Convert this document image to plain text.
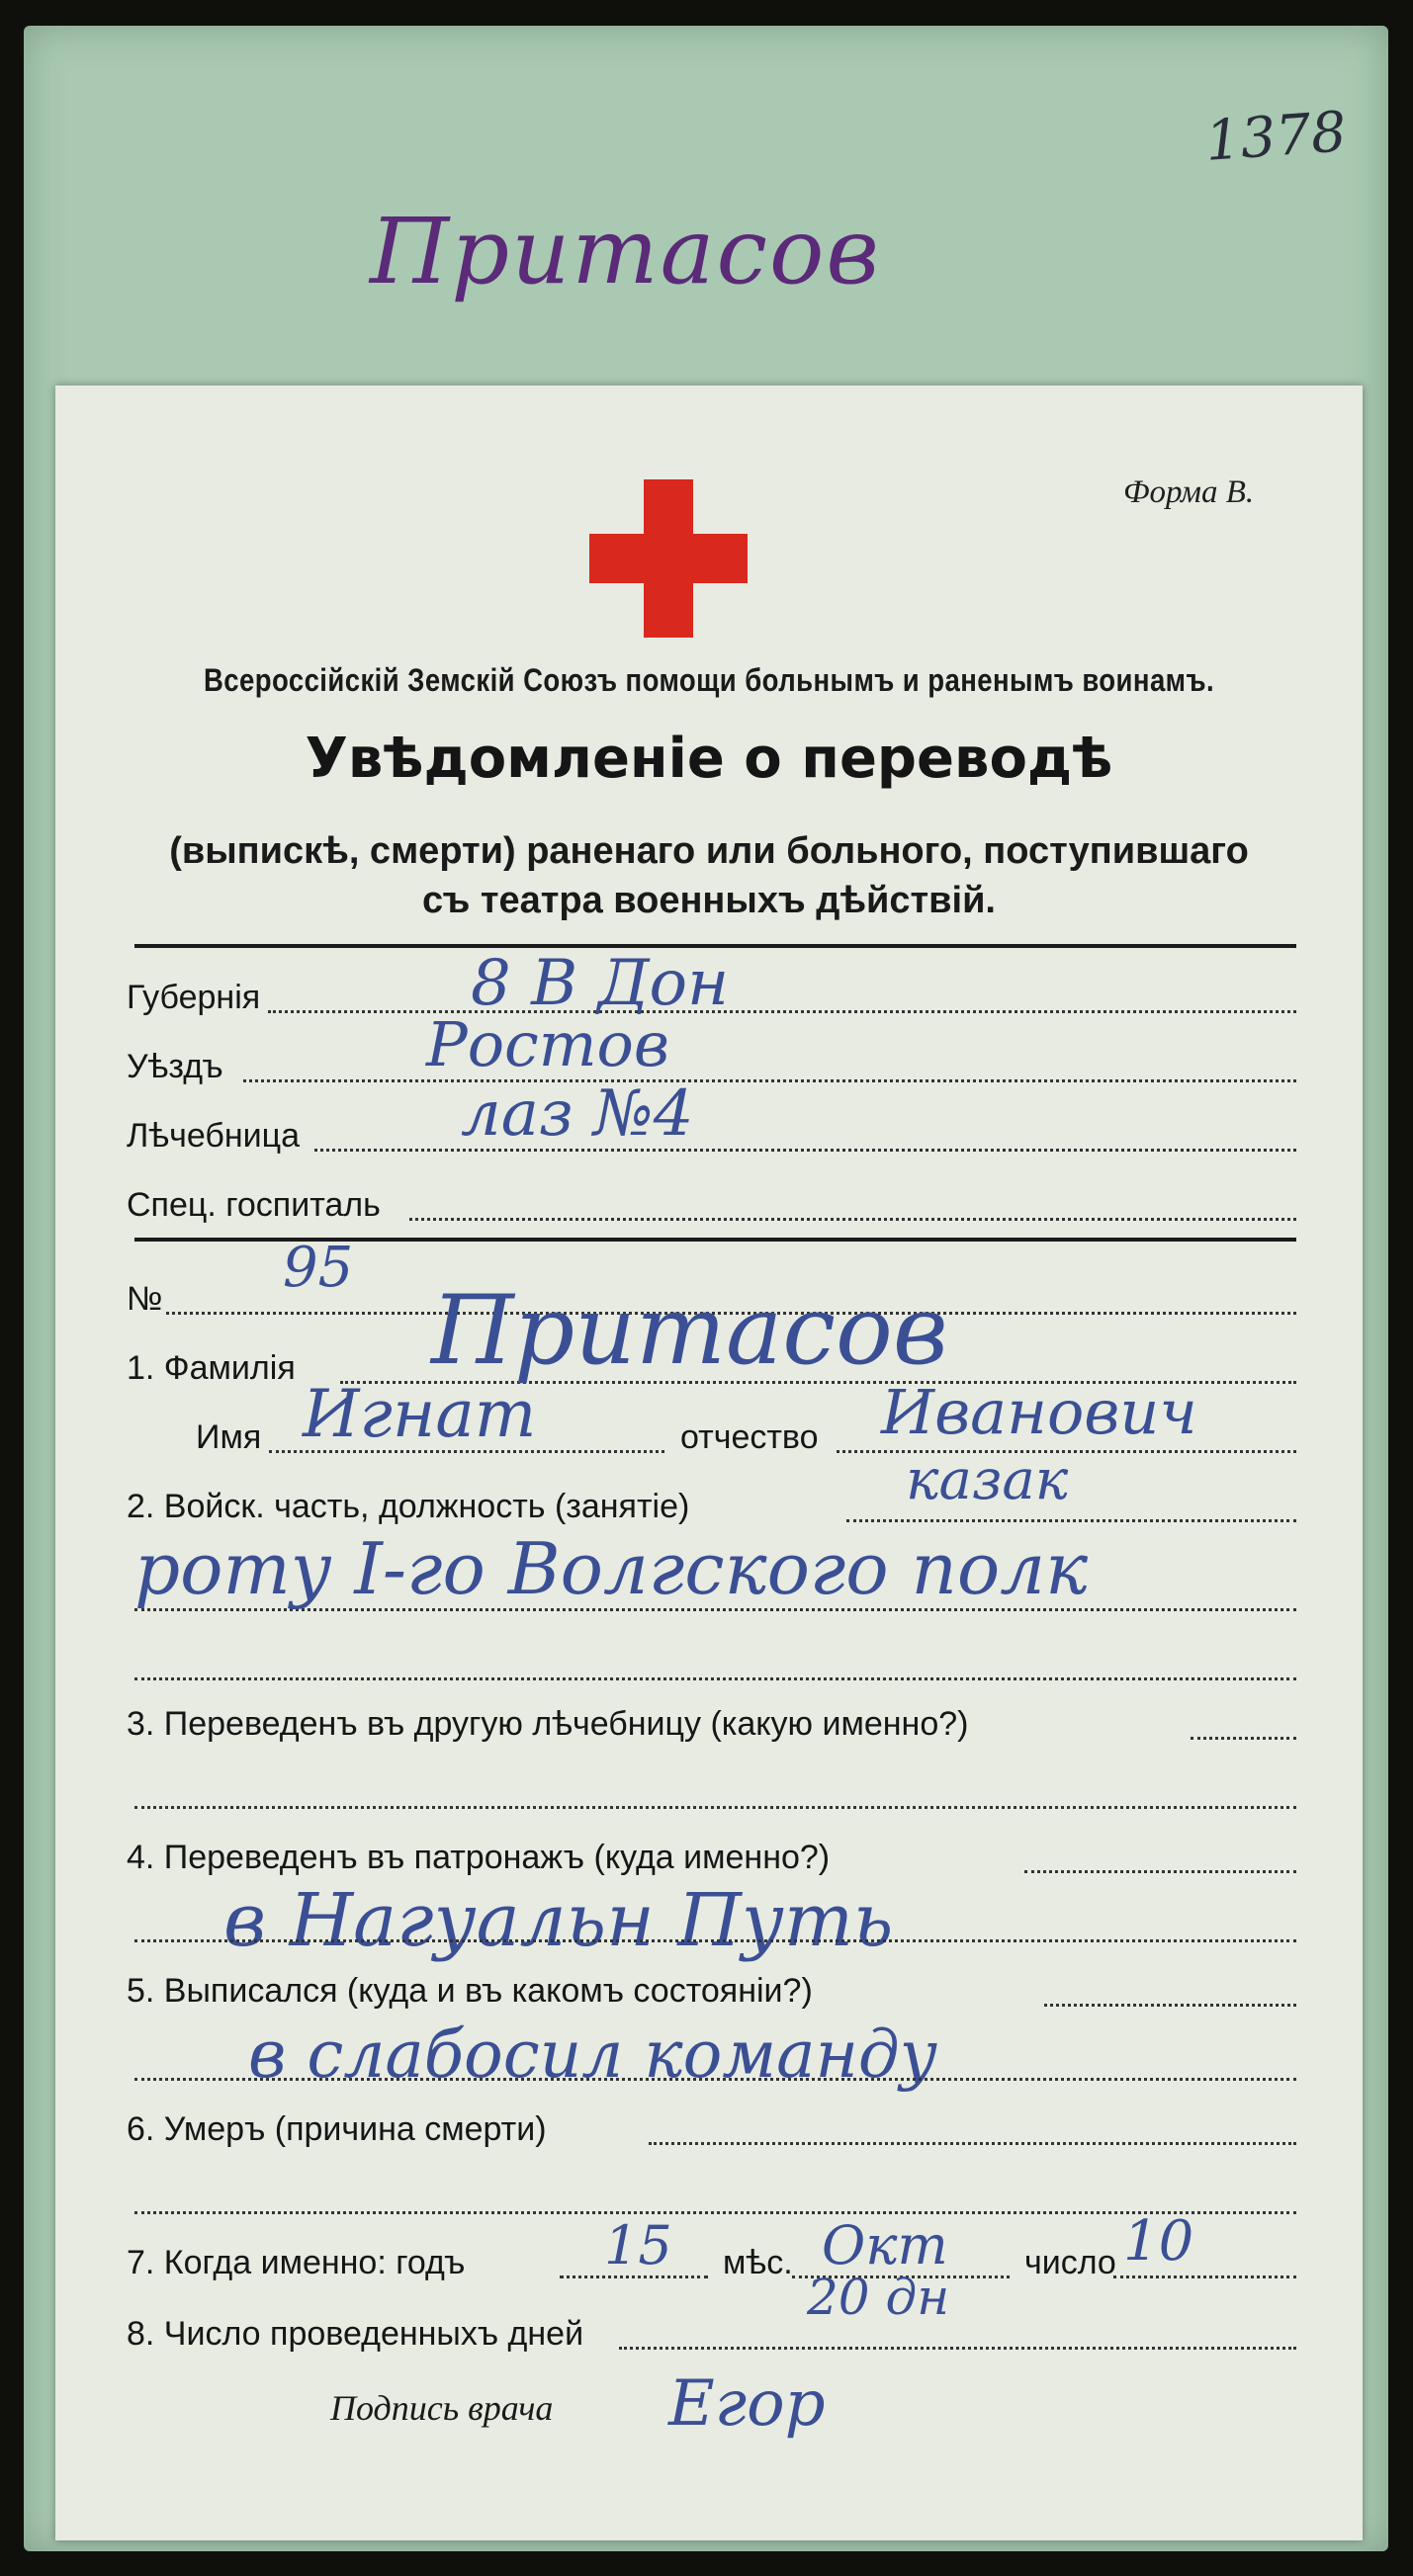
1378
Притасов
Форма В.
Всероссійскій Земскій Союзъ помощи больнымъ и раненымъ воинамъ.
Увѣдомленіе о переводѣ
(выпискѣ, смерти) раненаго или больного, поступившаго
съ театра военныхъ дѣйствій.
Губернія	8 В Дон
Уѣздъ	Ростов
Лѣчебница	лаз №4
Спец. госпиталь
№ 95
1. Фамилія Притасов
Имя Игнат	отчество Иванович
2. Войск. часть, должность (занятіе)	казак
роту I-го Волгского полк
3. Переведенъ въ другую лѣчебницу (какую именно?)
4. Переведенъ въ патронажъ (куда именно?)
в Нагуальн Путь
5. Выписался (куда и въ какомъ состояніи?)
в слабосил команду
6. Умеръ (причина смерти)
7. Когда именно: годъ	15 мѣс. Окт число 10
8. Число проведенныхъ дней
20 дн
Подпись врача Егор
